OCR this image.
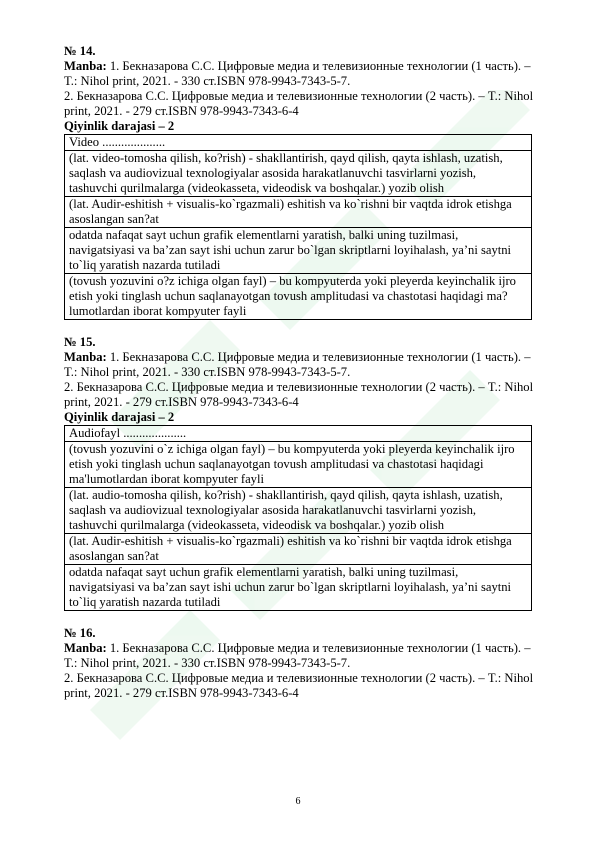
№ 14.

Manba: 1. Бекназарова С.С. Цифровые медиа и телевизионные технологии (1 часть). – T.: Nihol print, 2021. - 330 ст.ISBN 978-9943-7343-5-7.

2. Бекназарова С.С. Цифровые медиа и телевизионные технологии (2 часть). – T.: Nihol print, 2021. - 279 ст.ISBN 978-9943-7343-6-4

Qiyinlik darajasi – 2

Video ....................
(lat. video-tomosha qilish, ko?rish) - shakllantirish, qayd qilish, qayta ishlash, uzatish, saqlash va audiovizual texnologiyalar asosida harakatlanuvchi tasvirlarni yozish, tashuvchi qurilmalarga (videokasseta, videodisk va boshqalar.) yozib olish
(lat. Audir-eshitish + visualis-ko`rgazmali) eshitish va ko`rishni bir vaqtda idrok etishga asoslangan san?at
odatda nafaqat sayt uchun grafik elementlarni yaratish, balki uning tuzilmasi, navigatsiyasi va ba’zan sayt ishi uchun zarur bo`lgan skriptlarni loyihalash, ya’ni saytni to`liq yaratish nazarda tutiladi
(tovush yozuvini o?z ichiga olgan fayl) – bu kompyuterda yoki pleyerda keyinchalik ijro etish yoki tinglash uchun saqlanayotgan tovush amplitudasi va chastotasi haqidagi ma?lumotlardan iborat kompyuter fayli

№ 15.

Manba: 1. Бекназарова С.С. Цифровые медиа и телевизионные технологии (1 часть). – T.: Nihol print, 2021. - 330 ст.ISBN 978-9943-7343-5-7.

2. Бекназарова С.С. Цифровые медиа и телевизионные технологии (2 часть). – T.: Nihol print, 2021. - 279 ст.ISBN 978-9943-7343-6-4

Qiyinlik darajasi – 2

Audiofayl ....................
(tovush yozuvini o`z ichiga olgan fayl) – bu kompyuterda yoki pleyerda keyinchalik ijro etish yoki tinglash uchun saqlanayotgan tovush amplitudasi va chastotasi haqidagi ma'lumotlardan iborat kompyuter fayli
(lat. audio-tomosha qilish, ko?rish) - shakllantirish, qayd qilish, qayta ishlash, uzatish, saqlash va audiovizual texnologiyalar asosida harakatlanuvchi tasvirlarni yozish, tashuvchi qurilmalarga (videokasseta, videodisk va boshqalar.) yozib olish
(lat. Audir-eshitish + visualis-ko`rgazmali) eshitish va ko`rishni bir vaqtda idrok etishga asoslangan san?at
odatda nafaqat sayt uchun grafik elementlarni yaratish, balki uning tuzilmasi, navigatsiyasi va ba’zan sayt ishi uchun zarur bo`lgan skriptlarni loyihalash, ya’ni saytni to`liq yaratish nazarda tutiladi

№ 16.

Manba: 1. Бекназарова С.С. Цифровые медиа и телевизионные технологии (1 часть). – T.: Nihol print, 2021. - 330 ст.ISBN 978-9943-7343-5-7.

2. Бекназарова С.С. Цифровые медиа и телевизионные технологии (2 часть). – T.: Nihol print, 2021. - 279 ст.ISBN 978-9943-7343-6-4

6
